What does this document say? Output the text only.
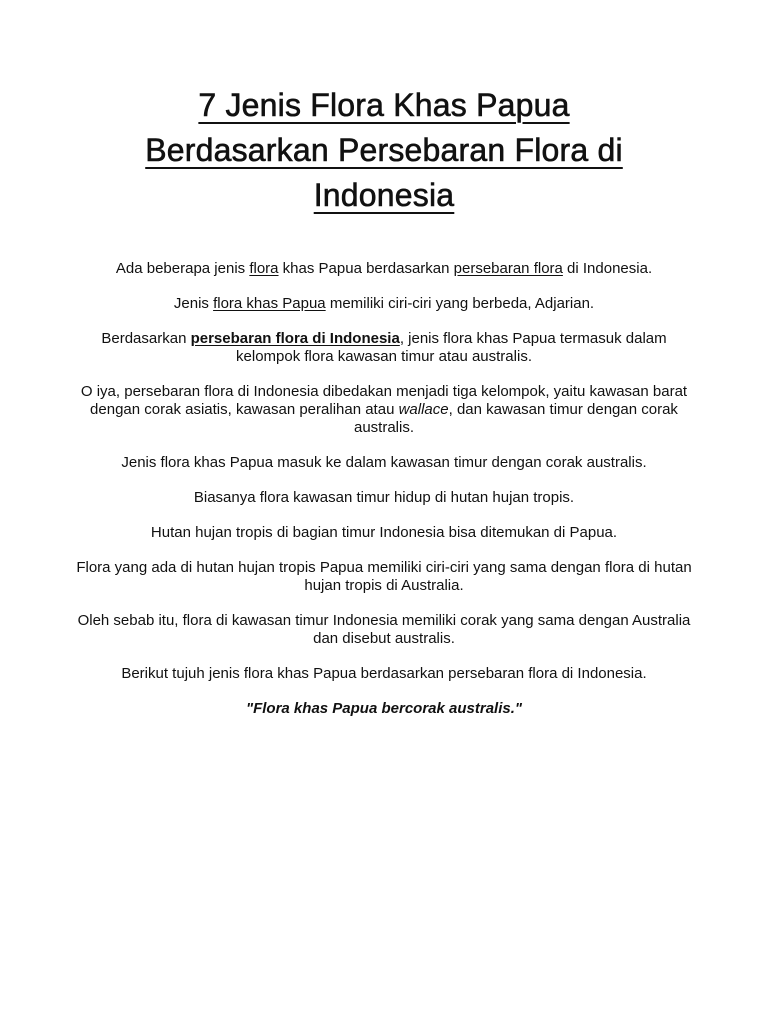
7 Jenis Flora Khas Papua
Berdasarkan Persebaran Flora di
Indonesia

Ada beberapa jenis flora khas Papua berdasarkan persebaran flora di Indonesia.

Jenis flora khas Papua memiliki ciri-ciri yang berbeda, Adjarian.

Berdasarkan persebaran flora di Indonesia, jenis flora khas Papua termasuk dalam kelompok flora kawasan timur atau australis.

O iya, persebaran flora di Indonesia dibedakan menjadi tiga kelompok, yaitu kawasan barat dengan corak asiatis, kawasan peralihan atau wallace, dan kawasan timur dengan corak australis.

Jenis flora khas Papua masuk ke dalam kawasan timur dengan corak australis.

Biasanya flora kawasan timur hidup di hutan hujan tropis.

Hutan hujan tropis di bagian timur Indonesia bisa ditemukan di Papua.

Flora yang ada di hutan hujan tropis Papua memiliki ciri-ciri yang sama dengan flora di hutan hujan tropis di Australia.

Oleh sebab itu, flora di kawasan timur Indonesia memiliki corak yang sama dengan Australia dan disebut australis.

Berikut tujuh jenis flora khas Papua berdasarkan persebaran flora di Indonesia.

"Flora khas Papua bercorak australis."
